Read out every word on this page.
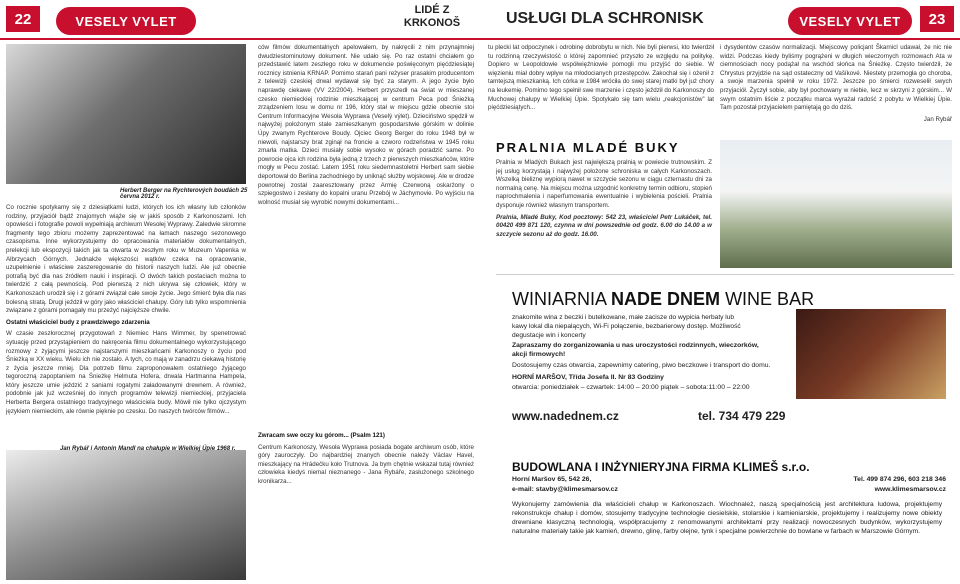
22	VESELY VYLET
LIDÉ Z
KRKONOŠ	USŁUGI DLA SCHRONISK	VESELY VYLET	23
Herbert Berger na Rychterových boudách 25 června 2012 r.

Co rocznie spotykamy się z dziesiątkami ludzi, których los ich własny lub członków rodziny, przyjaciół bądź znajomych wiąże się w jakiś sposób z Karkonoszami. Ich opowieści i fotografie powoli wypełniają archiwum Wesołej Wyprawy. Zaledwie skromne fragmenty tego zbioru możemy zaprezentować na łamach naszego sezonowego czasopisma. Inne wykorzystujemy do opracowania materiałów dokumentalnych, prelekcji lub ekspozycji takich jak ta otwarta w zeszłym roku w Muzeum Vapenka w Albrzycach Górnych. Jednakże większości wątków czeka na opracowanie, uzupełnienie i właściwe zaszeregowanie do historii naszych ludzi. Ale już obecnie potrafią być dla nas źródłem nauki i inspiracji. O dwóch takich postaciach można to twierdzić z całą pewnością. Pod pierwszą z nich ukrywa się człowiek, który w Karkonoszach urodził się i z górami związał całe swoje życie. Jego śmierć była dla nas bolesną stratą. Drugi jeździł w góry jako właściciel chałupy. Góry lub tylko wspomnienia związane z górami pomagały mu przeżyć najcięższe chwile.

Ostatni właściciel budy z prawdziwego zdarzenia

W czasie zeszłorocznej przygotowań z Niemiec Hans Wimmer, by spenetrować sytuację przed przystąpieniem do nakręcenia filmu dokumentalnego wykorzystującego rozmowy z żyjącymi jeszcze najstarszymi mieszkańcami Karkonoszy o życiu pod Śnieżką w XX wieku. Wielu ich nie zostało. A tych, co mają w zanadrzu ciekawą historię z życia jeszcze mniej. Dla potrzeb filmu zaproponowałem ostatniego żyjącego tegoroczną zapoptaniem na Śnieżkę Helmuta Hofera, drwala Hartmanna Hampela, który jeszcze umie jeździć z saniami rogatymi załadowanymi drewnem. A również, podobnie jak już wcześniej do innych programów telewizji niemieckiej, przyjaciela Herberta Bergera ostatniego tradycyjnego właściciela budy. Mówił nie tylko ojczystym językiem niemieckim, ale równie pięknie po czesku. Do naszych twórców filmów...

Jan Rybář i Antonín Mandl na chałupie w Wielkiej Úpie 1968 r.

ców filmów dokumentalnych apelowałem, by nakręcili z nim przynajmniej dwudziestominutowy dokument. Nie udało się. Po raz ostatni chciałem go przedstawić latem zeszłego roku w dokumencie poświęconym pięćdziesiątej rocznicy istnienia KRNAP. Pomimo starań pani reżyser prasakim producentom z telewizji czeskiej drwal wydawał się być za starym. A jego życie było naprawdę ciekawe (VV 22/2004). Herbert przyszedł na świat w mieszanej czesko niemieckiej rodzinie mieszkającej w centrum Peca pod Śnieżką zrządzeniem losu w domu nr 196, który stał w miejscu gdzie obecnie stoi Centrum Informacyjne Wesoła Wyprawa (Veselý výlet). Dzieciństwo spędził w najwyżej położonym stale zamieszkanym gospodarstwie górskim w dolinie Úpy zwanym Rychterove Boudy. Ojciec Georg Berger do roku 1948 był w niewoli, najstarszy brat zginął na froncie a czworo rodzeństwa w 1945 roku zmarła matka. Dzieci musiały sobie wysoko w górach poradzić same. Po powrocie ojca ich rodzina była jedną z trzech z pierwszych mieszkańców, które mogły w Pecu zostać. Latem 1951 roku siedemnastoletni Herbert sam siebie deportował do Berlina zachodniego by uniknąć służby wojskowej. Ale w drodze powrotnej został zaaresztowany przez Armię Czerwoną oskarżony o szpiegostwo i zesłany do kopalni uranu Przebój w Jáchymovie. Po wyjściu na wolność musiał się wyrobić nowymi dokumentami...

Zwracam swe oczy ku górom... (Psalm 121)

Centrum Karkonoszy, Wesoła Wyprawa posiada bogate archiwum osób, które góry zauroczyły. Do najbardziej znanych obecnie należy Václav Havel, mieszkający na Hrádečku koło Trutnova. Ja bym chętnie wskazał tutaj również człowieka kiedyś niemal nieznanego - Jana Rybáře, zasłużonego szkolnego kronikarza...

tu plecki lat odpoczynek i odrobinę dobrobytu w nich. Nie byli pierwsi, kto twierdził tu rodzinną rzeczywistość o której zapomnieć przyszło ze względu na politykę. Dopiero w Leopoldowie współwięźniowie pomogli mu przyjść do siebie. W więzieniu miał dobry wpływ na młodocianych przestępców. Zakochał się i ożenił z tamtejszą mieszkanką. Ich córka w 1984 wróciła do swej starej matki był już chory na leukemię. Pomimo tego spełnił swe marzenie i często jeździł do Karkonoszy do Muchowej chałupy w Wielkiej Úpie. Spotykało się tam wielu „reakcjonistów” lat pięćdziesiątych...

i dysydentów czasów normalizacji. Miejscowy policjant Škarnicl udawał, że nic nie widzi. Podczas kiedy byliśmy pogrążeni w długich wieczornych rozmowach Ata w ciemnościach nocy podążał na wschód słońca na Śnieżkę. Często twierdził, że Chrystus przyjdzie na sąd ostateczny od Vašíkové. Niestety przemogła go choroba, a swoje marzenia spełnił w roku 1972. Jeszcze po śmierci rozweselił swych przyjaciół. Życzył sobie, aby był pochowany w niebie, lecz w skrzyni z górskim... W swym ostatnim liście z początku marca wyrażał radość z pobytu w Wielkiej Úpie. Tam pozostał przyjacielem pamiętają go do dziś.

Jan Rybář

PRALNIA MLADÉ BUKY

Pralnia w Mladých Bukach jest największą pralnią w powiecie trutnowskim. Z jej usług korzystają i najwyżej położone schroniska w całych Karkonoszach. Wszelką bieliznę wypiorą nawet w szczycie sezonu w ciągu czternastu dni za normalną cenę. Na miejscu można uzgodnić konkretny termin odbioru, stopień naprochmalenia i naperfumowania ewentualnie i wybielenia pościeli. Pralnia dysponuje również własnym transportem.

Pralnia, Mladé Buky, Kod pocztowy: 542 23, właściciel Petr Lukáček, tel. 00420 499 871 120, czynna w dni powszednie od godz. 6.00 do 14.00 a w szczycie sezonu aż do godz. 16.00.

WINIARNIA NADE DNEM WINE BAR
znakomite wina z beczki i butelkowane, małe zacisze do wypicia herbaty lub kawy lokal dla niepalących, Wi-Fi połączenie, bezbarierowy dostęp. Możliwość degustacje win i koncerty
Zapraszamy do zorganizowania u nas uroczystości rodzinnych, wieczorków, akcji firmowych!
Dostosujemy czas otwarcia, zapewnimy catering, piwo beczkowe i transport do domu.
HORNÍ MARŠOV, Třída Josefa II. Nr 83 Godziny
otwarcia: poniedziałek – czwartek: 14:00 – 20:00 piątek – sobota:11:00 – 22:00
www.nadednem.cz	tel. 734 479 229
BUDOWLANA I INŻYNIERYJNA FIRMA KLIMEŠ s.r.o.
Horní Maršov 65, 542 26,	Tel. 499 874 296, 603 218 346
e-mail: stavby@klimesmarsov.cz	www.klimesmarsov.cz
Wykonujemy zamówienia dla właścicieli chałup w Karkonoszach. Wiochnależ, naszą specjalnością jest architektura ludowa, projektujemy rekonstrukcje chałup i domów, stosujemy tradycyjne technologie ciesielskie, stolarskie i kamieniarskie, projektujemy i realizujemy nowe obiekty drewniane klasyczną technologią, współpracujemy z renomowanymi architektami przy realizacji nowoczesnych budynków, wykorzystujemy naturalne materiały takie jak kamień, drewno, glinę, farby olejne, tynk i specjalne powierzchnie do bowlane w farbach w Marszowie Górnym.
